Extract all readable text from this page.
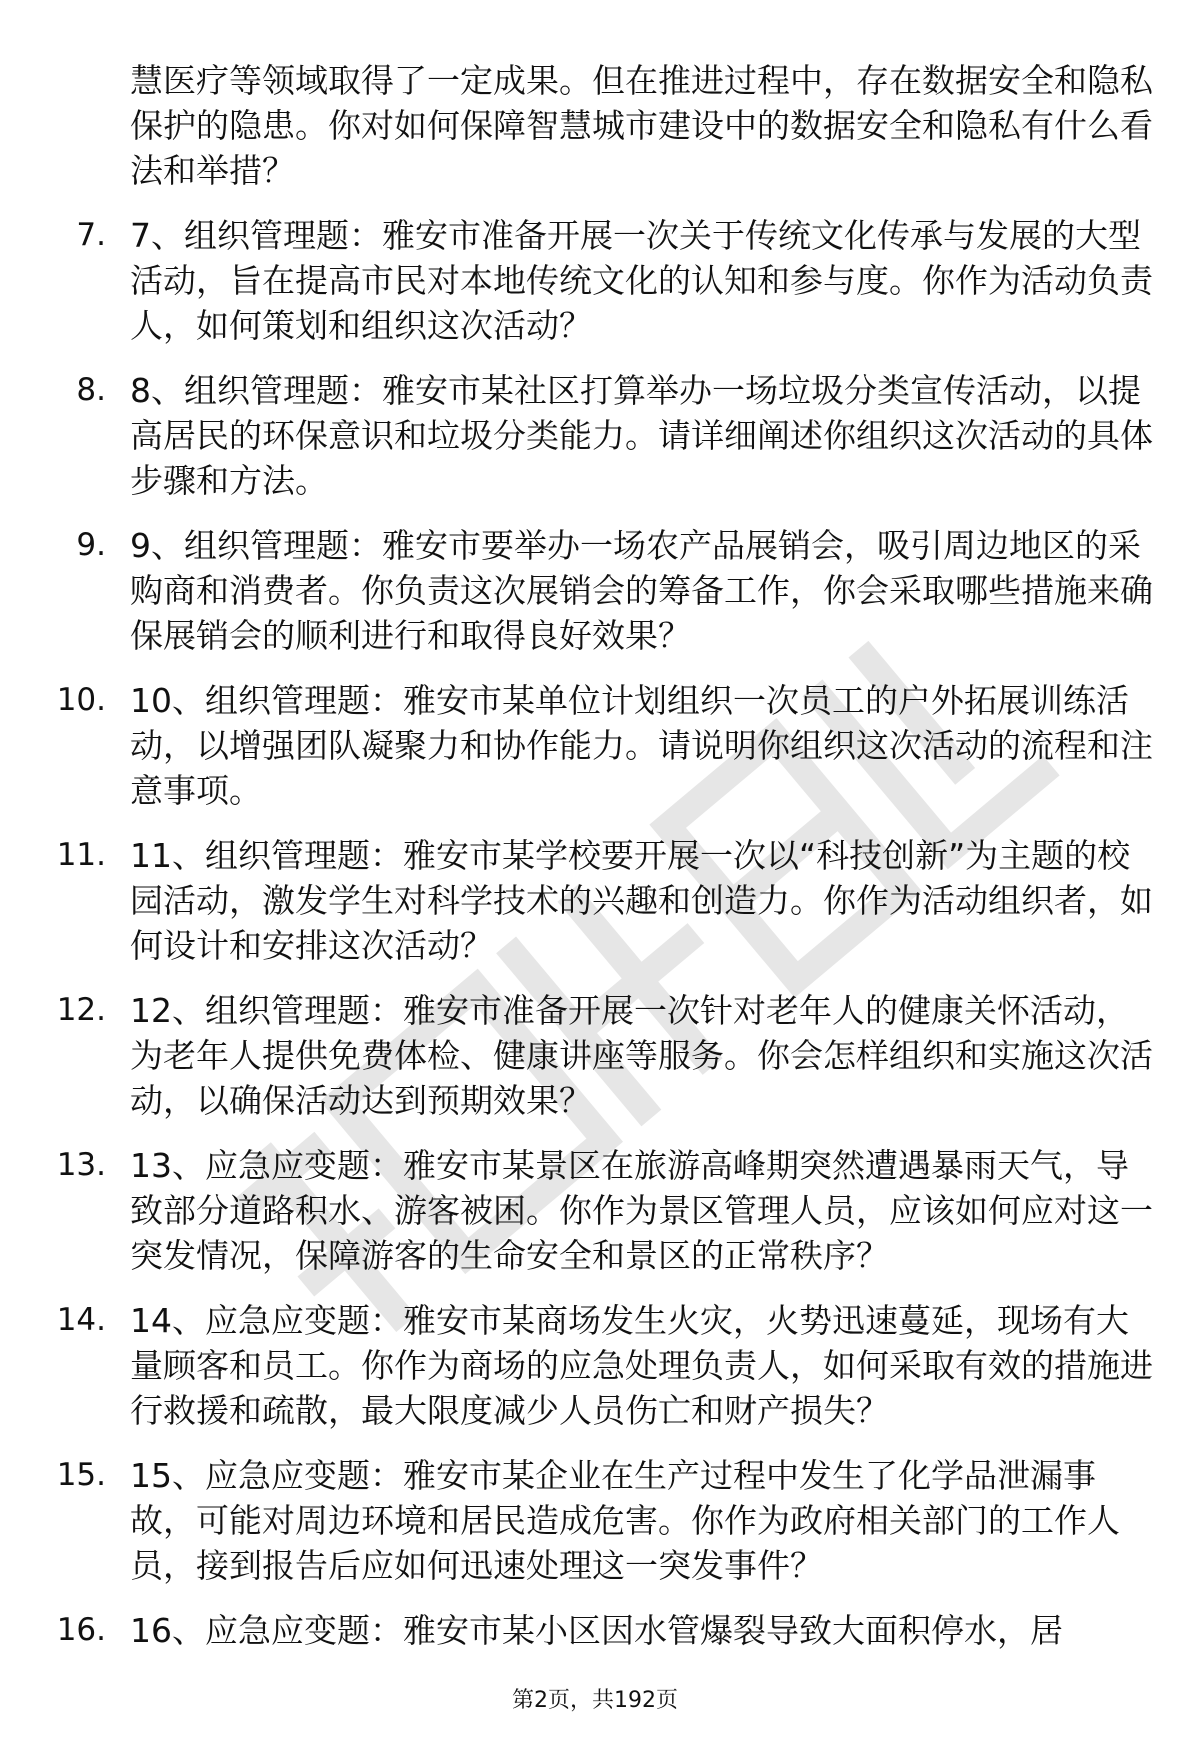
慧医疗等领域取得了一定成果。但在推进过程中，存在数据安全和隐私保护的隐患。你对如何保障智慧城市建设中的数据安全和隐私有什么看法和举措？
7. 7、组织管理题：雅安市准备开展一次关于传统文化传承与发展的大型活动，旨在提高市民对本地传统文化的认知和参与度。你作为活动负责人，如何策划和组织这次活动？
8. 8、组织管理题：雅安市某社区打算举办一场垃圾分类宣传活动，以提高居民的环保意识和垃圾分类能力。请详细阐述你组织这次活动的具体步骤和方法。
9. 9、组织管理题：雅安市要举办一场农产品展销会，吸引周边地区的采购商和消费者。你负责这次展销会的筹备工作，你会采取哪些措施来确保展销会的顺利进行和取得良好效果？
10. 10、组织管理题：雅安市某单位计划组织一次员工的户外拓展训练活动，以增强团队凝聚力和协作能力。请说明你组织这次活动的流程和注意事项。
11. 11、组织管理题：雅安市某学校要开展一次以“科技创新”为主题的校园活动，激发学生对科学技术的兴趣和创造力。你作为活动组织者，如何设计和安排这次活动？
12. 12、组织管理题：雅安市准备开展一次针对老年人的健康关怀活动，为老年人提供免费体检、健康讲座等服务。你会怎样组织和实施这次活动，以确保活动达到预期效果？
13. 13、应急应变题：雅安市某景区在旅游高峰期突然遭遇暴雨天气，导致部分道路积水、游客被困。你作为景区管理人员，应该如何应对这一突发情况，保障游客的生命安全和景区的正常秩序？
14. 14、应急应变题：雅安市某商场发生火灾，火势迅速蔓延，现场有大量顾客和员工。你作为商场的应急处理负责人，如何采取有效的措施进行救援和疏散，最大限度减少人员伤亡和财产损失？
15. 15、应急应变题：雅安市某企业在生产过程中发生了化学品泄漏事故，可能对周边环境和居民造成危害。你作为政府相关部门的工作人员，接到报告后应如何迅速处理这一突发事件？
16. 16、应急应变题：雅安市某小区因水管爆裂导致大面积停水，居
第2页，共192页
